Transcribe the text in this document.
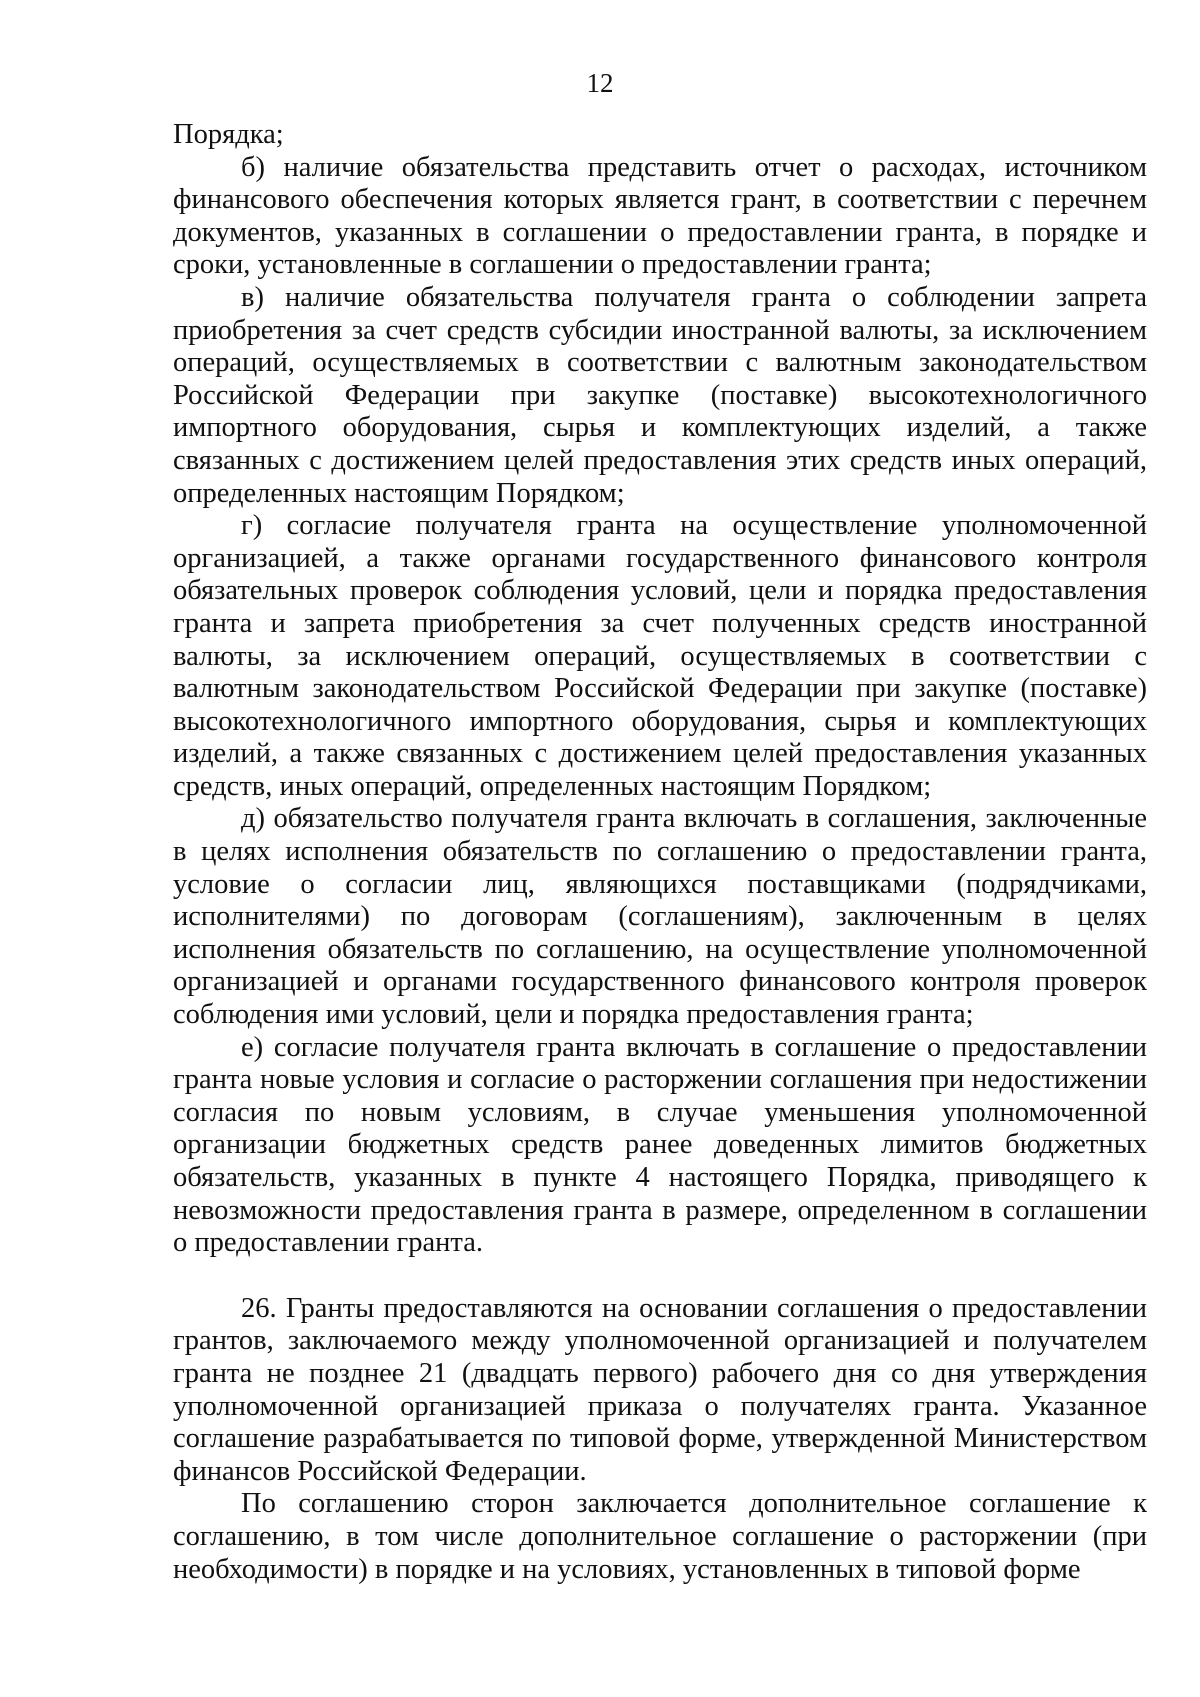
12

Порядка;

б) наличие обязательства представить отчет о расходах, источником финансового обеспечения которых является грант, в соответствии с перечнем документов, указанных в соглашении о предоставлении гранта, в порядке и сроки, установленные в соглашении о предоставлении гранта;

в) наличие обязательства получателя гранта о соблюдении запрета приобретения за счет средств субсидии иностранной валюты, за исключением операций, осуществляемых в соответствии с валютным законодательством Российской Федерации при закупке (поставке) высокотехнологичного импортного оборудования, сырья и комплектующих изделий, а также связанных с достижением целей предоставления этих средств иных операций, определенных настоящим Порядком;

г) согласие получателя гранта на осуществление уполномоченной организацией, а также органами государственного финансового контроля обязательных проверок соблюдения условий, цели и порядка предоставления гранта и запрета приобретения за счет полученных средств иностранной валюты, за исключением операций, осуществляемых в соответствии с валютным законодательством Российской Федерации при закупке (поставке) высокотехнологичного импортного оборудования, сырья и комплектующих изделий, а также связанных с достижением целей предоставления указанных средств, иных операций, определенных настоящим Порядком;

д) обязательство получателя гранта включать в соглашения, заключенные в целях исполнения обязательств по соглашению о предоставлении гранта, условие о согласии лиц, являющихся поставщиками (подрядчиками, исполнителями) по договорам (соглашениям), заключенным в целях исполнения обязательств по соглашению, на осуществление уполномоченной организацией и органами государственного финансового контроля проверок соблюдения ими условий, цели и порядка предоставления гранта;

е) согласие получателя гранта включать в соглашение о предоставлении гранта новые условия и согласие о расторжении соглашения при недостижении согласия по новым условиям, в случае уменьшения уполномоченной организации бюджетных средств ранее доведенных лимитов бюджетных обязательств, указанных в пункте 4 настоящего Порядка, приводящего к невозможности предоставления гранта в размере, определенном в соглашении о предоставлении гранта.

26. Гранты предоставляются на основании соглашения о предоставлении грантов, заключаемого между уполномоченной организацией и получателем гранта не позднее 21 (двадцать первого) рабочего дня со дня утверждения уполномоченной организацией приказа о получателях гранта. Указанное соглашение разрабатывается по типовой форме, утвержденной Министерством финансов Российской Федерации.

По соглашению сторон заключается дополнительное соглашение к соглашению, в том числе дополнительное соглашение о расторжении (при необходимости) в порядке и на условиях, установленных в типовой форме
